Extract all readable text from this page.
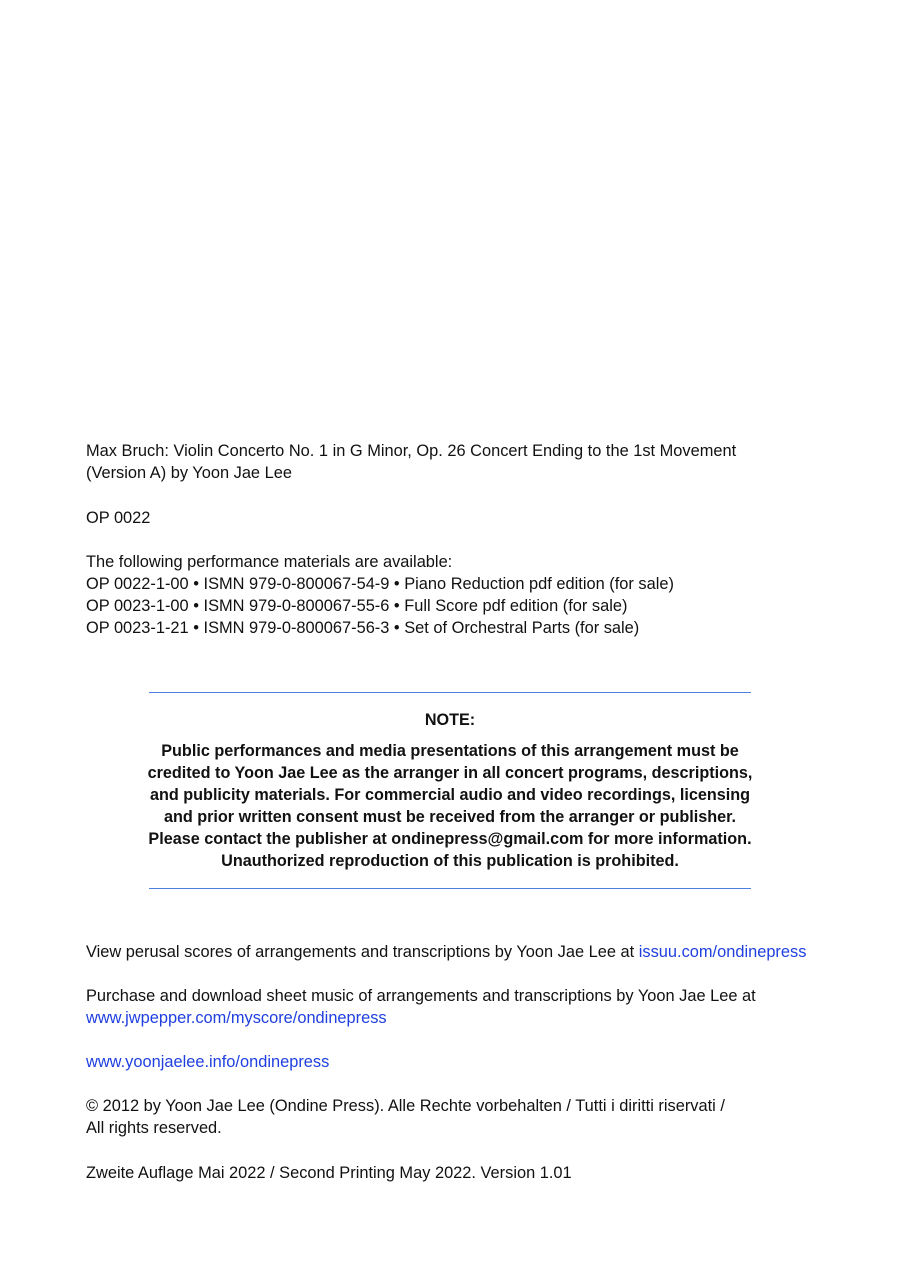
Max Bruch: Violin Concerto No. 1 in G Minor, Op. 26 Concert Ending to the 1st Movement
(Version A) by Yoon Jae Lee
OP 0022
The following performance materials are available:
OP 0022-1-00 • ISMN 979-0-800067-54-9 • Piano Reduction pdf edition (for sale)
OP 0023-1-00 • ISMN 979-0-800067-55-6 • Full Score pdf edition (for sale)
OP 0023-1-21 • ISMN 979-0-800067-56-3 • Set of Orchestral Parts (for sale)
NOTE:
Public performances and media presentations of this arrangement must be
credited to Yoon Jae Lee as the arranger in all concert programs, descriptions,
and publicity materials. For commercial audio and video recordings, licensing
and prior written consent must be received from the arranger or publisher.
Please contact the publisher at ondinepress@gmail.com for more information.
Unauthorized reproduction of this publication is prohibited.
View perusal scores of arrangements and transcriptions by Yoon Jae Lee at issuu.com/ondinepress
Purchase and download sheet music of arrangements and transcriptions by Yoon Jae Lee at
www.jwpepper.com/myscore/ondinepress
www.yoonjaelee.info/ondinepress
© 2012 by Yoon Jae Lee (Ondine Press). Alle Rechte vorbehalten / Tutti i diritti riservati /
All rights reserved.
Zweite Auflage Mai 2022 / Second Printing May 2022. Version 1.01
